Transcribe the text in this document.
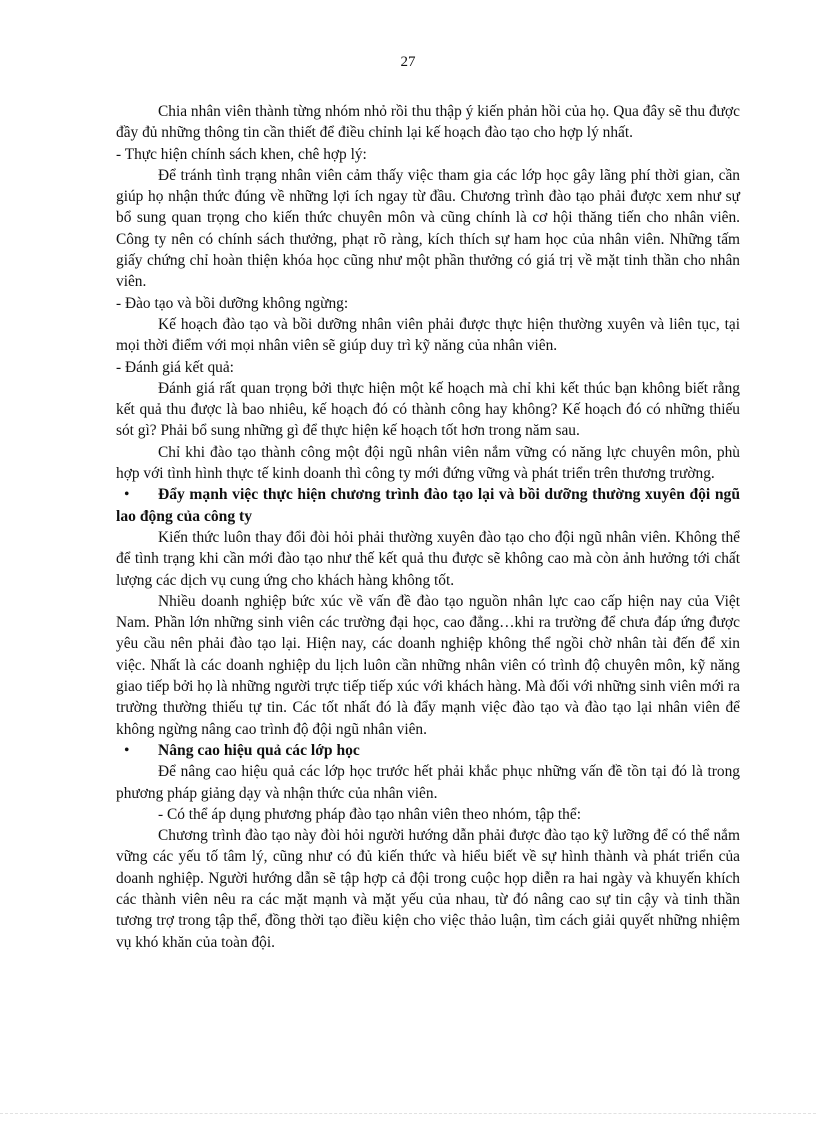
27

Chia nhân viên thành từng nhóm nhỏ rồi thu thập ý kiến phản hồi của họ. Qua đây sẽ thu được đầy đủ những thông tin cần thiết để điều chỉnh lại kế hoạch đào tạo cho hợp lý nhất.

- Thực hiện chính sách khen, chê hợp lý:

Để tránh tình trạng nhân viên cảm thấy việc tham gia các lớp học gây lãng phí thời gian, cần giúp họ nhận thức đúng về những lợi ích ngay từ đầu. Chương trình đào tạo phải được xem như sự bổ sung quan trọng cho kiến thức chuyên môn và cũng chính là cơ hội thăng tiến cho nhân viên. Công ty nên có chính sách thưởng, phạt rõ ràng, kích thích sự ham học của nhân viên. Những tấm giấy chứng chỉ hoàn thiện khóa học cũng như một phần thưởng có giá trị về mặt tinh thần cho nhân viên.

- Đào tạo và bồi dưỡng không ngừng:

Kế hoạch đào tạo và bồi dưỡng nhân viên phải được thực hiện thường xuyên và liên tục, tại mọi thời điểm với mọi nhân viên sẽ giúp duy trì kỹ năng của nhân viên.

- Đánh giá kết quả:

Đánh giá rất quan trọng bởi thực hiện một kế hoạch mà chỉ khi kết thúc bạn không biết rằng kết quả thu được là bao nhiêu, kế hoạch đó có thành công hay không? Kế hoạch đó có những thiếu sót gì? Phải bổ sung những gì để thực hiện kế hoạch tốt hơn trong năm sau.

Chỉ khi đào tạo thành công một đội ngũ nhân viên nắm vững có năng lực chuyên môn, phù hợp với tình hình thực tế kinh doanh thì công ty mới đứng vững và phát triển trên thương trường.

• Đẩy mạnh việc thực hiện chương trình đào tạo lại và bồi dưỡng thường xuyên đội ngũ lao động của công ty

Kiến thức luôn thay đổi đòi hỏi phải thường xuyên đào tạo cho đội ngũ nhân viên. Không thể để tình trạng khi cần mới đào tạo như thế kết quả thu được sẽ không cao mà còn ảnh hưởng tới chất lượng các dịch vụ cung ứng cho khách hàng không tốt.

Nhiều doanh nghiệp bức xúc về vấn đề đào tạo nguồn nhân lực cao cấp hiện nay của Việt Nam. Phần lớn những sinh viên các trường đại học, cao đẳng…khi ra trường để chưa đáp ứng được yêu cầu nên phải đào tạo lại. Hiện nay, các doanh nghiệp không thể ngồi chờ nhân tài đến để xin việc. Nhất là các doanh nghiệp du lịch luôn cần những nhân viên có trình độ chuyên môn, kỹ năng giao tiếp bởi họ là những người trực tiếp tiếp xúc với khách hàng. Mà đối với những sinh viên mới ra trường thường thiếu tự tin. Các tốt nhất đó là đẩy mạnh việc đào tạo và đào tạo lại nhân viên để không ngừng nâng cao trình độ đội ngũ nhân viên.

• Nâng cao hiệu quả các lớp học

Để nâng cao hiệu quả các lớp học trước hết phải khắc phục những vấn đề tồn tại đó là trong phương pháp giảng dạy và nhận thức của nhân viên.

- Có thể áp dụng phương pháp đào tạo nhân viên theo nhóm, tập thể:

Chương trình đào tạo này đòi hỏi người hướng dẫn phải được đào tạo kỹ lưỡng để có thể nắm vững các yếu tố tâm lý, cũng như có đủ kiến thức và hiểu biết về sự hình thành và phát triển của doanh nghiệp. Người hướng dẫn sẽ tập hợp cả đội trong cuộc họp diễn ra hai ngày và khuyến khích các thành viên nêu ra các mặt mạnh và mặt yếu của nhau, từ đó nâng cao sự tin cậy và tinh thần tương trợ trong tập thể, đồng thời tạo điều kiện cho việc thảo luận, tìm cách giải quyết những nhiệm vụ khó khăn của toàn đội.
